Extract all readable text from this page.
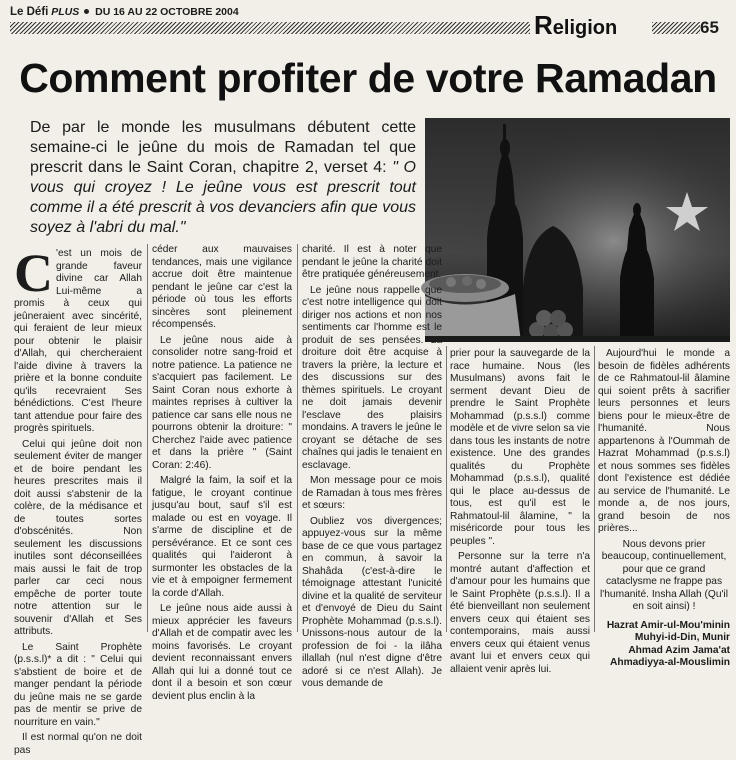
Le Défi PLUS DU 16 AU 22 OCTOBRE 2004	Religion	65
Comment profiter de votre Ramadan
De par le monde les musulmans débutent cette semaine-ci le jeûne du mois de Ramadan tel que prescrit dans le Saint Coran, chapitre 2, verset 4: " O vous qui croyez ! Le jeûne vous est prescrit tout comme il a été prescrit à vos devanciers afin que vous soyez à l'abri du mal."

C 'est un mois de grande faveur divine car Allah Lui-même a promis à ceux qui jeûneraient avec sincérité, qui feraient de leur mieux pour obtenir le plaisir d'Allah, qui chercheraient l'aide divine à travers la prière et la bonne conduite qu'ils recevraient Ses bénédictions. C'est l'heure tant attendue pour faire des progrès spirituels.

Celui qui jeûne doit non seulement éviter de manger et de boire pendant les heures prescrites mais il doit aussi s'abstenir de la colère, de la médisance et de toutes sortes d'obscénités. Non seulement les discussions inutiles sont déconseillées mais aussi le fait de trop parler car ceci nous empêche de porter toute notre attention sur le souvenir d'Allah et Ses attributs.

Le Saint Prophète (p.s.s.l)* a dit : " Celui qui s'abstient de boire et de manger pendant la période du jeûne mais ne se garde pas de mentir se prive de nourriture en vain."

Il est normal qu'on ne doit pas

céder aux mauvaises tendances, mais une vigilance accrue doit être maintenue pendant le jeûne car c'est la période où tous les efforts sincères sont pleinement récompensés.

Le jeûne nous aide à consolider notre sang-froid et notre patience. La patience ne s'acquiert pas facilement. Le Saint Coran nous exhorte à maintes reprises à cultiver la patience car sans elle nous ne pourrons obtenir la droiture: " Cherchez l'aide avec patience et dans la prière " (Saint Coran: 2:46).

Malgré la faim, la soif et la fatigue, le croyant continue jusqu'au bout, sauf s'il est malade ou est en voyage. Il s'arme de discipline et de persévérance. Et ce sont ces qualités qui l'aideront à surmonter les obstacles de la vie et à empoigner fermement la corde d'Allah.

Le jeûne nous aide aussi à mieux apprécier les faveurs d'Allah et de compatir avec les moins favorisés. Le croyant devient reconnaissant envers Allah qui lui a donné tout ce dont il a besoin et son cœur devient plus enclin à la

charité. Il est à noter que pendant le jeûne la charité doit être pratiquée généreusement.

Le jeûne nous rappelle que c'est notre intelligence qui doit diriger nos actions et non nos sentiments car l'homme est le produit de ses pensées. La droiture doit être acquise à travers la prière, la lecture et des discussions sur des thèmes spirituels. Le croyant ne doit jamais devenir l'esclave des plaisirs mondains. A travers le jeûne le croyant se détache de ses chaînes qui jadis le tenaient en esclavage.

Mon message pour ce mois de Ramadan à tous mes frères et sœurs:

Oubliez vos divergences; appuyez-vous sur la même base de ce que vous partagez en commun, à savoir la Shahâda (c'est-à-dire le témoignage attestant l'unicité divine et la qualité de serviteur et d'envoyé de Dieu du Saint Prophète Mohammad (p.s.s.l). Unissons-nous autour de la profession de foi - la ilâha illallah (nul n'est digne d'être adoré si ce n'est Allah). Je vous demande de

prier pour la sauvegarde de la race humaine. Nous (les Musulmans) avons fait le serment devant Dieu de prendre le Saint Prophète Mohammad (p.s.s.l) comme modèle et de vivre selon sa vie dans tous les instants de notre existence. Une des grandes qualités du Prophète Mohammad (p.s.s.l), qualité qui le place au-dessus de tous, est qu'il est le Rahmatoul-lil âlamine, " la miséricorde pour tous les peuples ".

Personne sur la terre n'a montré autant d'affection et d'amour pour les humains que le Saint Prophète (p.s.s.l). Il a été bienveillant non seulement envers ceux qui étaient ses contemporains, mais aussi envers ceux qui étaient venus avant lui et envers ceux qui allaient venir après lui.

Aujourd'hui le monde a besoin de fidèles adhérents de ce Rahmatoul-lil âlamine qui soient prêts à sacrifier leurs personnes et leurs biens pour le mieux-être de l'humanité. Nous appartenons à l'Oummah de Hazrat Mohammad (p.s.s.l) et nous sommes ses fidèles dont l'existence est dédiée au service de l'humanité. Le monde a, de nos jours, grand besoin de nos prières...

Nous devons prier beaucoup, continuellement, pour que ce grand cataclysme ne frappe pas l'humanité. Insha Allah (Qu'il en soit ainsi) !

Hazrat Amir-ul-Mou'minin Muhyi-id-Din, Munir Ahmad Azim Jama'at Ahmadiyya-al-Mouslimin
